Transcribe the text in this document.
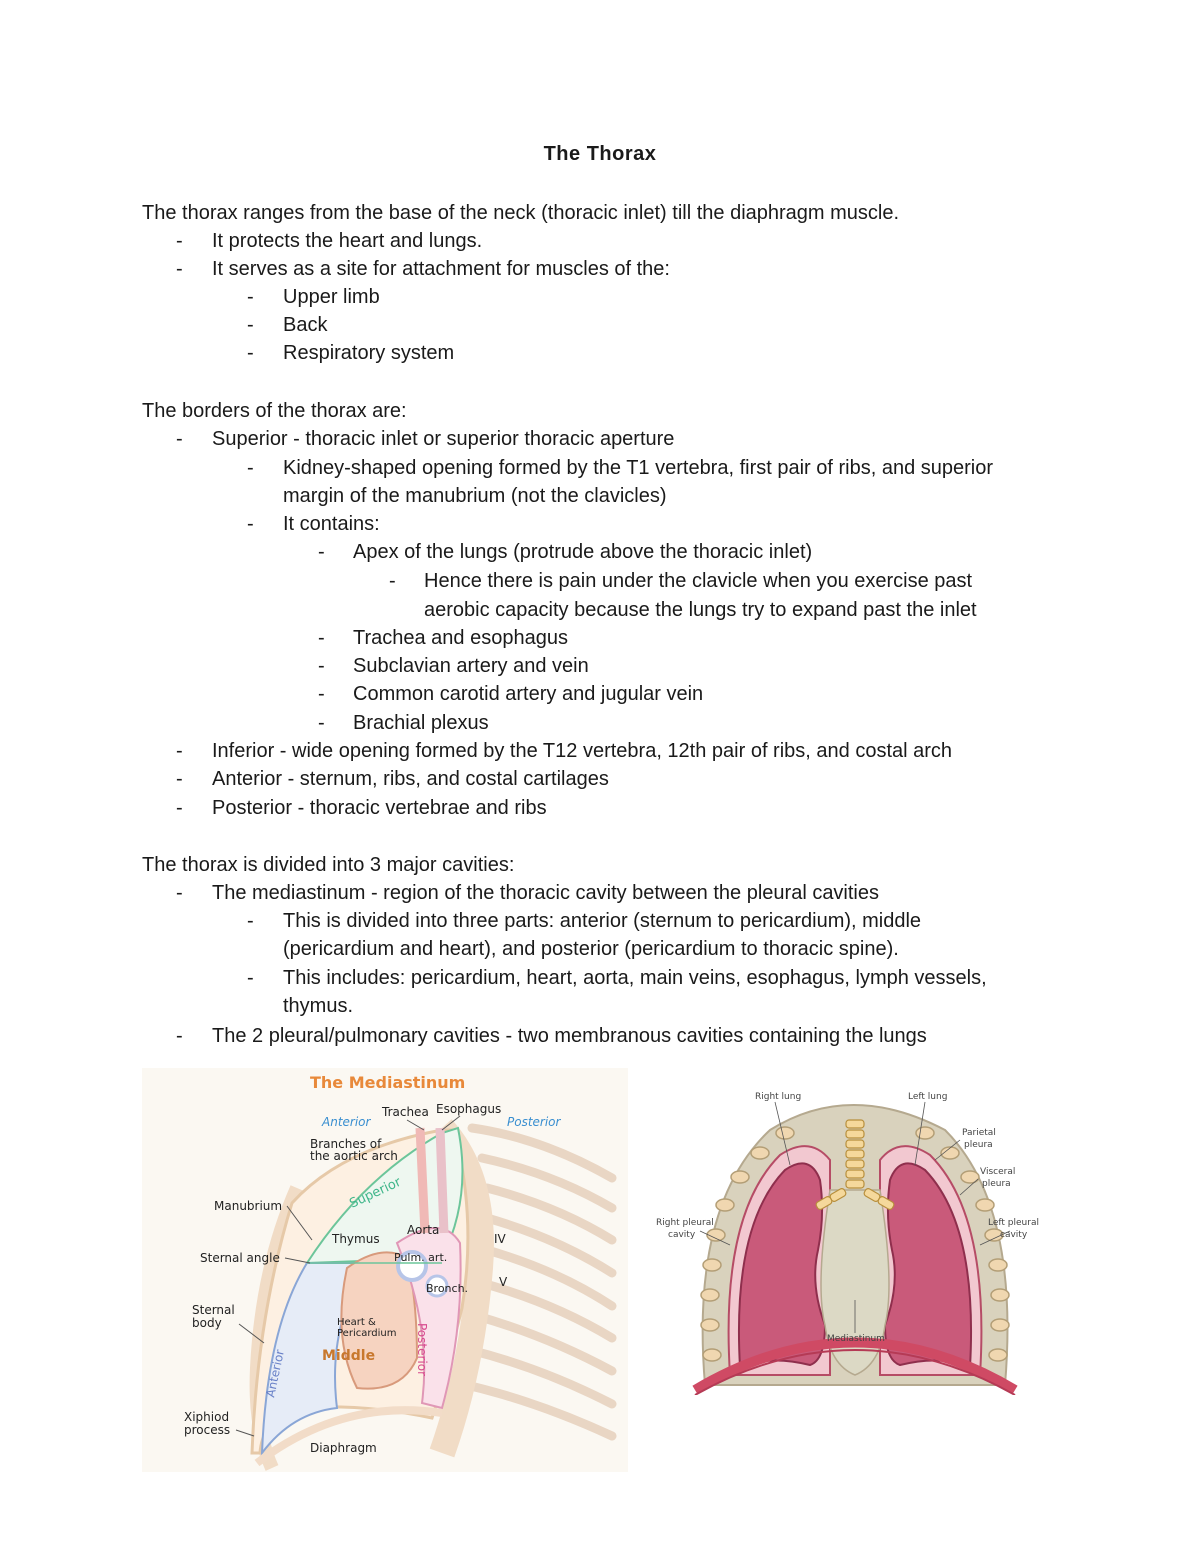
The Thorax
The thorax ranges from the base of the neck (thoracic inlet) till the diaphragm muscle.
- It protects the heart and lungs.
- It serves as a site for attachment for muscles of the:
- Upper limb
- Back
- Respiratory system
The borders of the thorax are:
- Superior - thoracic inlet or superior thoracic aperture
- Kidney-shaped opening formed by the T1 vertebra, first pair of ribs, and superior
margin of the manubrium (not the clavicles)
- It contains:
- Apex of the lungs (protrude above the thoracic inlet)
- Hence there is pain under the clavicle when you exercise past
aerobic capacity because the lungs try to expand past the inlet
- Trachea and esophagus
- Subclavian artery and vein
- Common carotid artery and jugular vein
- Brachial plexus
- Inferior - wide opening formed by the T12 vertebra, 12th pair of ribs, and costal arch
- Anterior - sternum, ribs, and costal cartilages
- Posterior - thoracic vertebrae and ribs
The thorax is divided into 3 major cavities:
- The mediastinum - region of the thoracic cavity between the pleural cavities
- This is divided into three parts: anterior (sternum to pericardium), middle
(pericardium and heart), and posterior (pericardium to thoracic spine).
- This includes: pericardium, heart, aorta, main veins, esophagus, lymph vessels,
thymus.
- The 2 pleural/pulmonary cavities - two membranous cavities containing the lungs
The Mediastinum
Anterior	Posterior
Trachea Esophagus
Branches of
the aortic arch
Manubrium	Superior
Thymus
Aorta
Pulm. art.
Bronch.
IV
V
Sternal angle
Sternal
body	Heart &
Pericardium
Middle	Posterior
Anterior
Xiphiod
process
Diaphragm
Right lung	Left lung
Parietal
pleura
Visceral
pleura
Right pleural
cavity
Left pleural
cavity
Mediastinum
